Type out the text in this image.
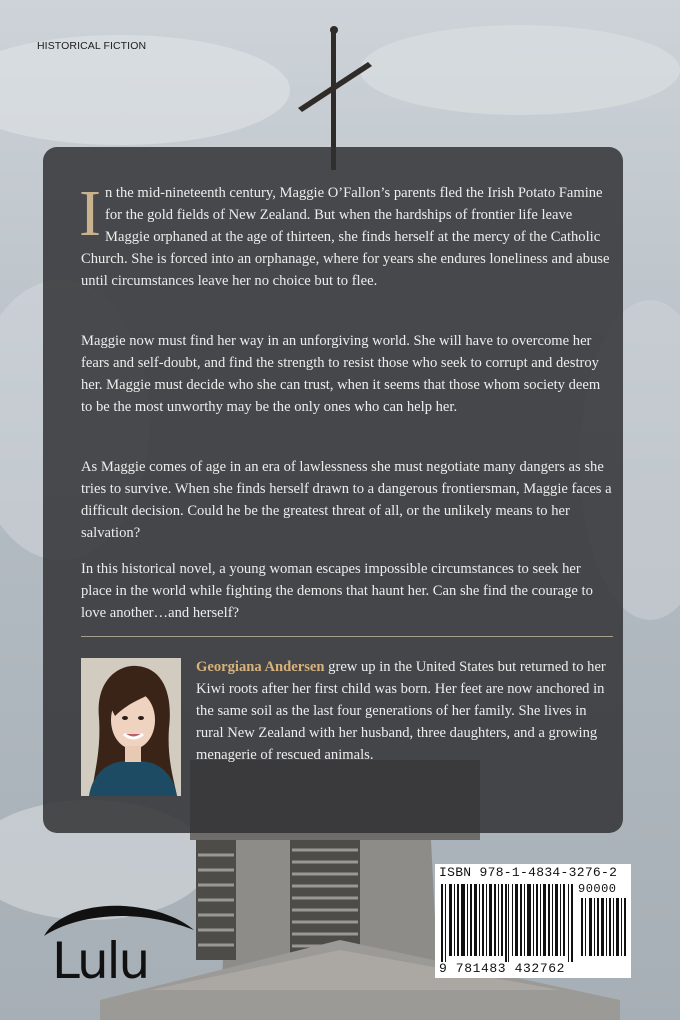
HISTORICAL FICTION

In the mid-nineteenth century, Maggie O’Fallon’s parents fled the Irish Potato Famine for the gold fields of New Zealand. But when the hardships of frontier life leave Maggie orphaned at the age of thirteen, she finds herself at the mercy of the Catholic Church. She is forced into an orphanage, where for years she endures loneliness and abuse until circumstances leave her no choice but to flee.

Maggie now must find her way in an unforgiving world. She will have to overcome her fears and self-doubt, and find the strength to resist those who seek to corrupt and destroy her. Maggie must decide who she can trust, when it seems that those whom society deem to be the most unworthy may be the only ones who can help her.

As Maggie comes of age in an era of lawlessness she must negotiate many dangers as she tries to survive. When she finds herself drawn to a dangerous frontiersman, Maggie faces a difficult decision. Could he be the greatest threat of all, or the unlikely means to her salvation?

In this historical novel, a young woman escapes impossible circumstances to seek her place in the world while fighting the demons that haunt her. Can she find the courage to love another…and herself?

Georgiana Andersen grew up in the United States but returned to her Kiwi roots after her first child was born. Her feet are now anchored in the same soil as the last four generations of her family. She lives in rural New Zealand with her husband, three daughters, and a growing menagerie of rescued animals.

ISBN 978-1-4834-3276-2
90000
9 781483 432762
Lulu
